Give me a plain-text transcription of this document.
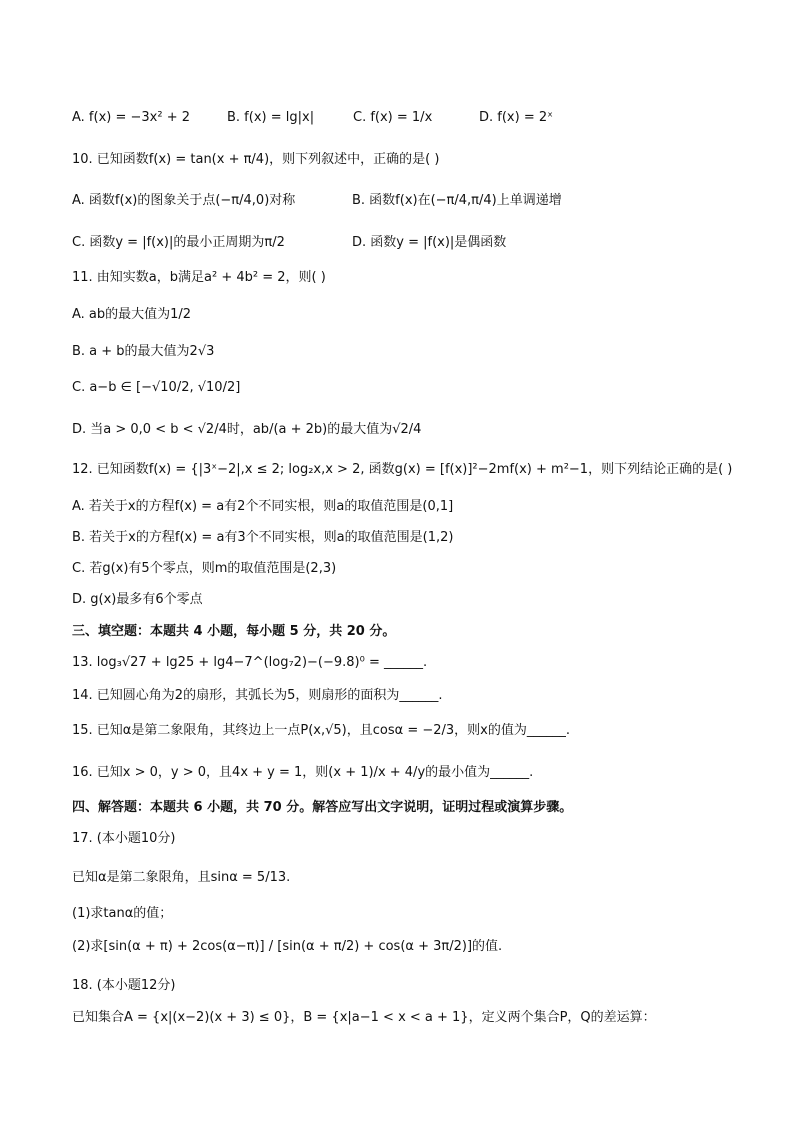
A. f(x) = −3x² + 2	B. f(x) = lg|x|	C. f(x) = 1/x	D. f(x) = 2ˣ
10. 已知函数f(x) = tan(x + π/4)，则下列叙述中，正确的是( )
A. 函数f(x)的图象关于点(−π/4,0)对称	B. 函数f(x)在(−π/4,π/4)上单调递增
C. 函数y = |f(x)|的最小正周期为π/2	D. 函数y = |f(x)|是偶函数
11. 由知实数a，b满足a² + 4b² = 2，则( )
A. ab的最大值为1/2
B. a + b的最大值为2√3
C. a−b ∈ [−√10/2, √10/2]
D. 当a > 0,0 < b < √2/4时，ab/(a + 2b)的最大值为√2/4
12. 已知函数f(x) = {|3ˣ−2|,x ≤ 2; log₂x,x > 2, 函数g(x) = [f(x)]²−2mf(x) + m²−1，则下列结论正确的是( )
A. 若关于x的方程f(x) = a有2个不同实根，则a的取值范围是(0,1]
B. 若关于x的方程f(x) = a有3个不同实根，则a的取值范围是(1,2)
C. 若g(x)有5个零点，则m的取值范围是(2,3)
D. g(x)最多有6个零点
三、填空题：本题共 4 小题，每小题 5 分，共 20 分。
13. log₃√27 + lg25 + lg4−7^(log₇2)−(−9.8)⁰ = ______.
14. 已知圆心角为2的扇形，其弧长为5，则扇形的面积为______.
15. 已知α是第二象限角，其终边上一点P(x,√5)，且cosα = −2/3，则x的值为______.
16. 已知x > 0，y > 0，且4x + y = 1，则(x + 1)/x + 4/y的最小值为______.
四、解答题：本题共 6 小题，共 70 分。解答应写出文字说明，证明过程或演算步骤。
17. (本小题10分)
已知α是第二象限角，且sinα = 5/13.
(1)求tanα的值；
(2)求[sin(α + π) + 2cos(α−π)] / [sin(α + π/2) + cos(α + 3π/2)]的值.
18. (本小题12分)
已知集合A = {x|(x−2)(x + 3) ≤ 0}，B = {x|a−1 < x < a + 1}，定义两个集合P，Q的差运算：
